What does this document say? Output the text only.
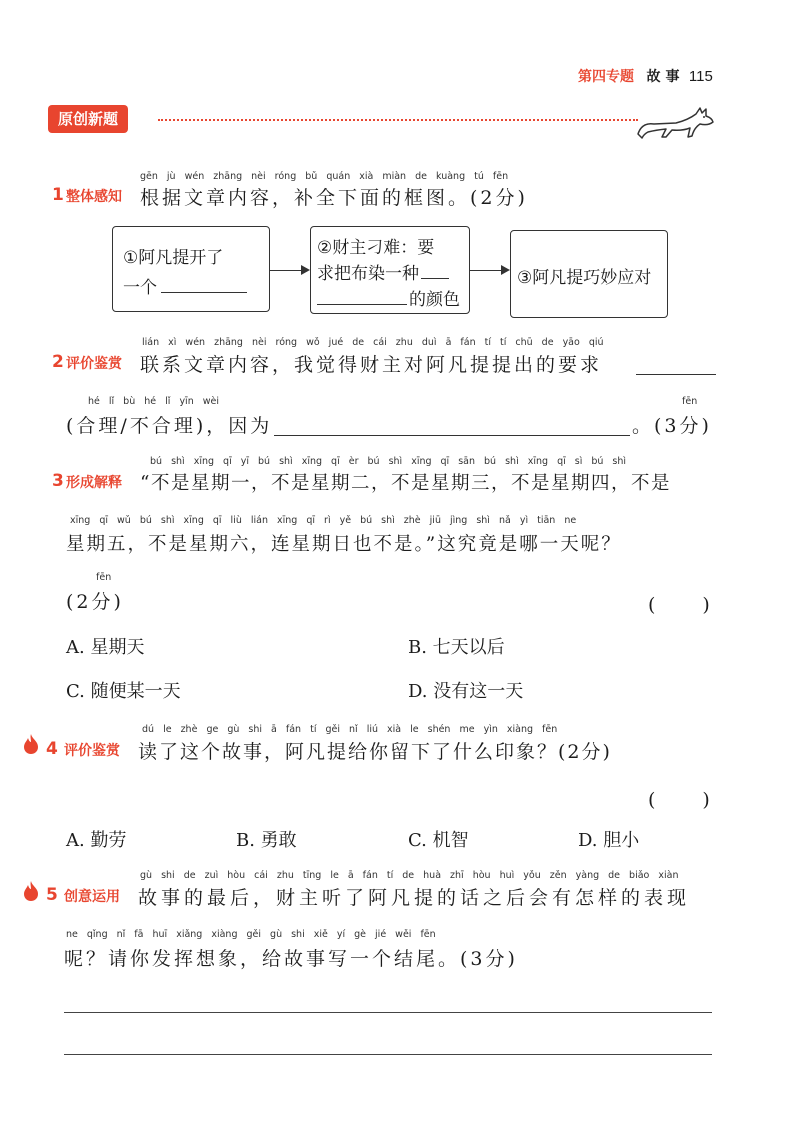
第四专题 故事 115
原创新题
gēn jù wén zhāng nèi róng bǔ quán xià miàn de kuàng tú fēn
1 整体感知 根据文章内容，补全下面的框图。(2分)
①阿凡提开了
一个
②财主刁难：要
求把布染一种
的颜色
③阿凡提巧妙应对
lián xì wén zhāng nèi róng wǒ jué de cái zhu duì ā fán tí tí chū de yāo qiú
2 评价鉴赏 联系文章内容，我觉得财主对阿凡提提出的要求
hé lǐ bù hé lǐ yīn wèi
(合理/不合理)，因为
fēn
。(3分)
bú shì xīng qī yī bú shì xīng qī èr bú shì xīng qī sān bú shì xīng qī sì bú shì
3 形成解释 “不是星期一，不是星期二，不是星期三，不是星期四，不是
xīng qī wǔ bú shì xīng qī liù lián xīng qī rì yě bú shì zhè jiū jìng shì nǎ yì tiān ne
星期五，不是星期六，连星期日也不是。”这究竟是哪一天呢？
fēn
(2分)	(　　)
A. 星期天	B. 七天以后
C. 随便某一天	D. 没有这一天
dú le zhè ge gù shi ā fán tí gěi nǐ liú xià le shén me yìn xiàng fēn
4 评价鉴赏 读了这个故事，阿凡提给你留下了什么印象？(2分)
(　　)
A. 勤劳	B. 勇敢	C. 机智	D. 胆小
gù shi de zuì hòu cái zhu tīng le ā fán tí de huà zhī hòu huì yǒu zěn yàng de biǎo xiàn
5 创意运用 故事的最后，财主听了阿凡提的话之后会有怎样的表现
ne qǐng nǐ fā huī xiǎng xiàng gěi gù shi xiě yí gè jié wěi fēn
呢？请你发挥想象，给故事写一个结尾。(3分)
